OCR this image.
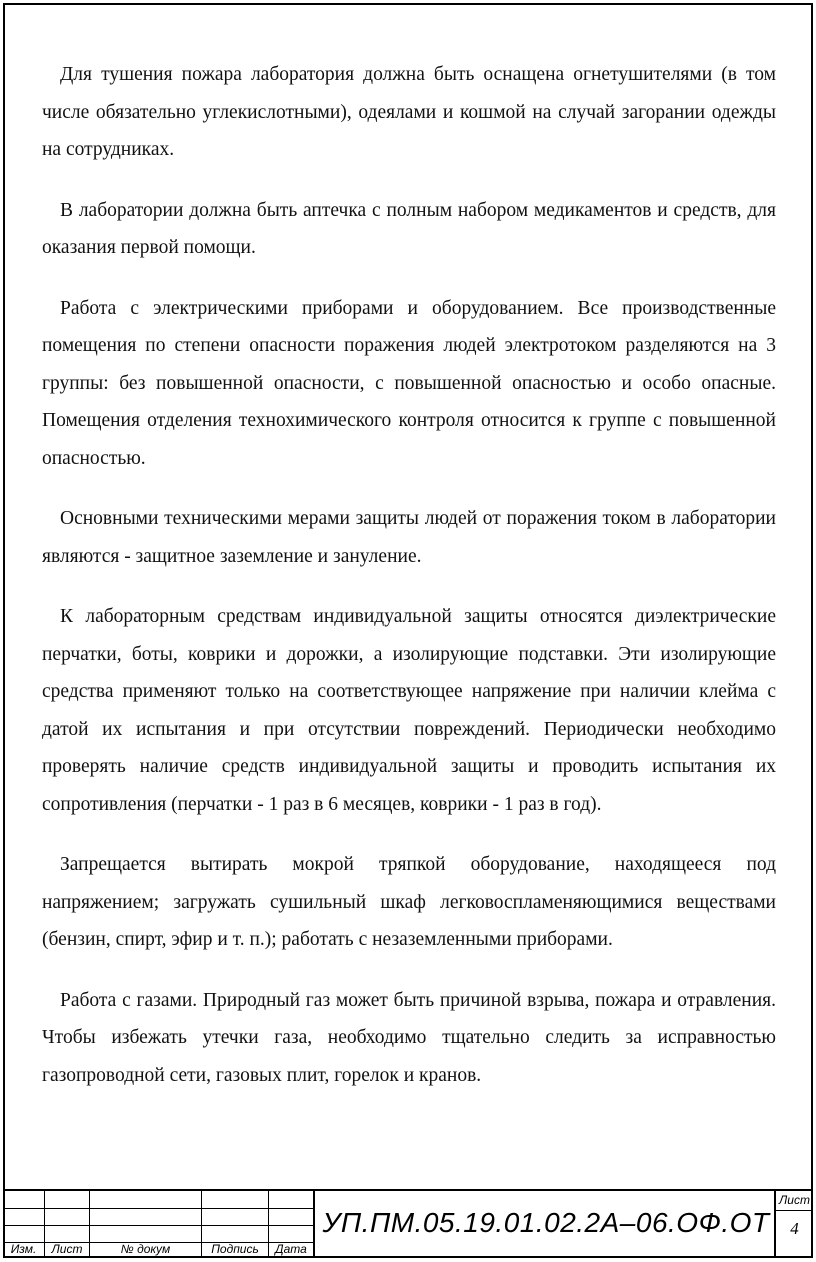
Для тушения пожара лаборатория должна быть оснащена огнетушителями (в том числе обязательно углекислотными), одеялами и кошмой на случай загорании одежды на сотрудниках.

В лаборатории должна быть аптечка с полным набором медикаментов и средств, для оказания первой помощи.

Работа с электрическими приборами и оборудованием. Все производственные помещения по степени опасности поражения людей электротоком разделяются на 3 группы: без повышенной опасности, с повышенной опасностью и особо опасные. Помещения отделения технохимического контроля относится к группе с повышенной опасностью.

Основными техническими мерами защиты людей от поражения током в лаборатории являются - защитное заземление и зануление.

К лабораторным средствам индивидуальной защиты относятся диэлектрические перчатки, боты, коврики и дорожки, а изолирующие подставки. Эти изолирующие средства применяют только на соответствующее напряжение при наличии клейма с датой их испытания и при отсутствии повреждений. Периодически необходимо проверять наличие средств индивидуальной защиты и проводить испытания их сопротивления (перчатки - 1 раз в 6 месяцев, коврики - 1 раз в год).

Запрещается вытирать мокрой тряпкой оборудование, находящееся под напряжением; загружать сушильный шкаф легковоспламеняющимися веществами (бензин, спирт, эфир и т. п.); работать с незаземленными приборами.

Работа с газами. Природный газ может быть причиной взрыва, пожара и отравления. Чтобы избежать утечки газа, необходимо тщательно следить за исправностью газопроводной сети, газовых плит, горелок и кранов.

Изм.	Лист	№ докум	Подпись	Дата
УП.ПМ.05.19.01.02.2А–06.ОФ.ОТ
Лист
4
